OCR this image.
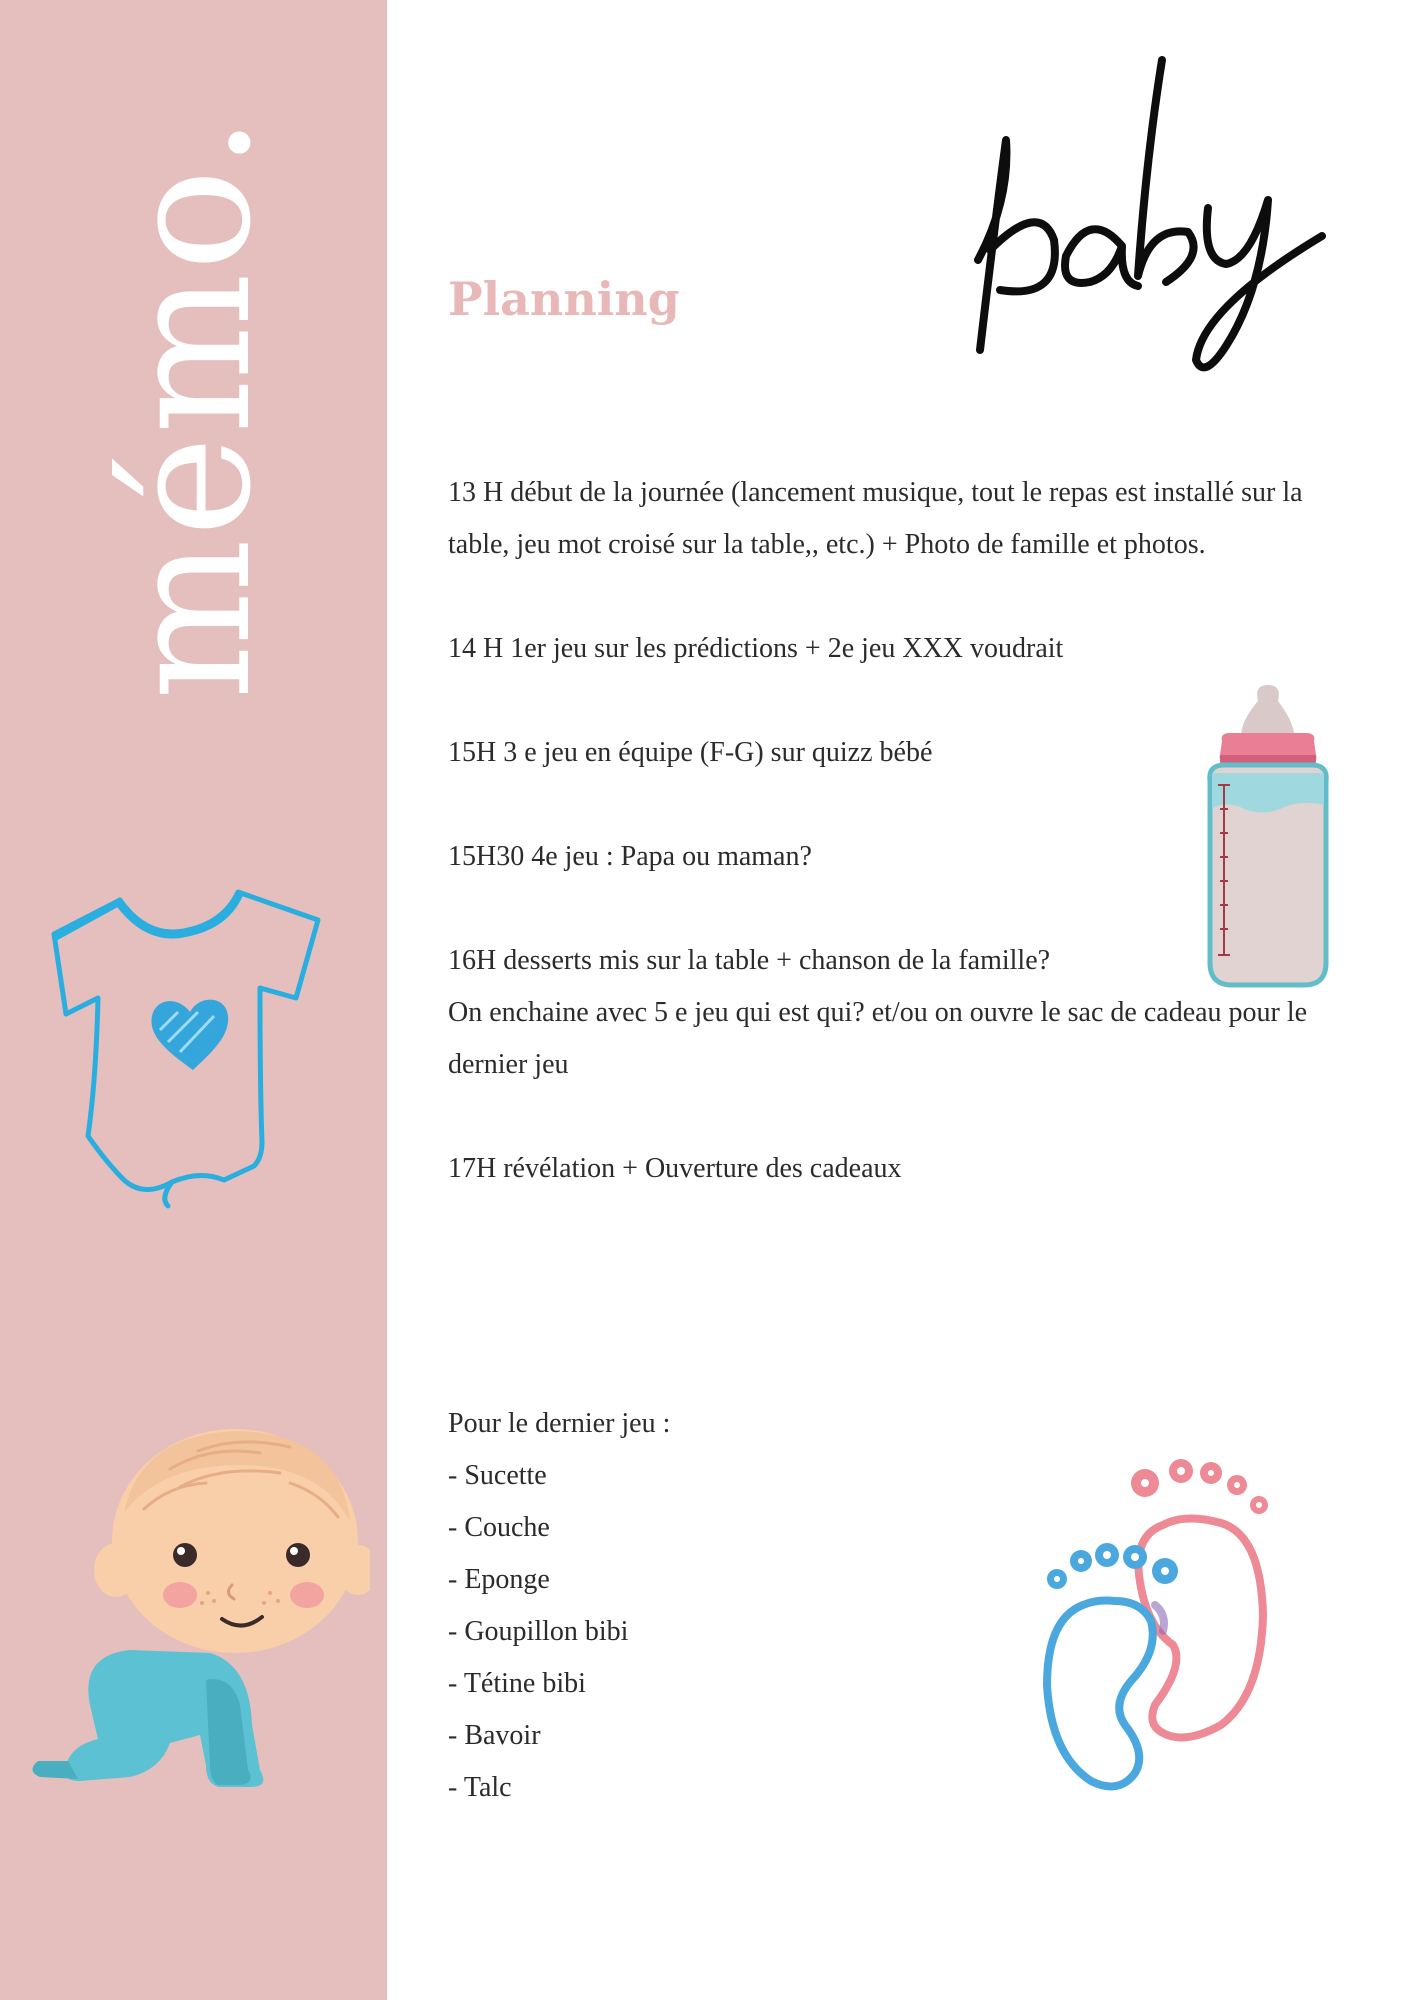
mémo.	Planning

13 H début de la journée (lancement musique, tout le repas est installé sur la table, jeu mot croisé sur la table,, etc.) + Photo de famille et photos.

14 H 1er jeu sur les prédictions + 2e jeu XXX voudrait

15H 3 e jeu en équipe (F-G) sur quizz bébé

15H30 4e jeu : Papa ou maman?

16H desserts mis sur la table + chanson de la famille?

On enchaine avec 5 e jeu qui est qui? et/ou on ouvre le sac de cadeau pour le dernier jeu

17H révélation + Ouverture des cadeaux

Pour le dernier jeu :
- Sucette
- Couche
- Eponge
- Goupillon bibi
- Tétine bibi
- Bavoir
- Talc
